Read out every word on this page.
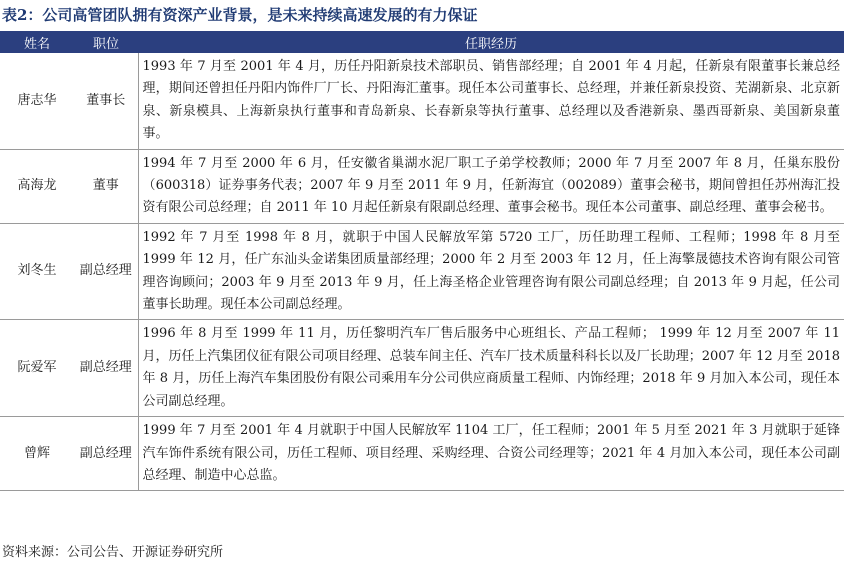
表2：公司高管团队拥有资深产业背景，是未来持续高速发展的有力保证
姓名	职位	任职经历
唐志华	董事长	1993 年 7 月至 2001 年 4 月，历任丹阳新泉技术部职员、销售部经理；自 2001 年 4 月起，任新泉有限董事长兼总经理，期间还曾担任丹阳内饰件厂厂长、丹阳海汇董事。现任本公司董事长、总经理，并兼任新泉投资、芜湖新泉、北京新泉、新泉模具、上海新泉执行董事和青岛新泉、长春新泉等执行董事、总经理以及香港新泉、墨西哥新泉、美国新泉董事。
高海龙	董事	1994 年 7 月至 2000 年 6 月，任安徽省巢湖水泥厂职工子弟学校教师；2000 年 7 月至 2007 年 8 月，任巢东股份（600318）证券事务代表；2007 年 9 月至 2011 年 9 月，任新海宜（002089）董事会秘书，期间曾担任苏州海汇投资有限公司总经理；自 2011 年 10 月起任新泉有限副总经理、董事会秘书。现任本公司董事、副总经理、董事会秘书。
刘冬生	副总经理	1992 年 7 月至 1998 年 8 月，就职于中国人民解放军第 5720 工厂，历任助理工程师、工程师；1998 年 8 月至 1999 年 12 月，任广东汕头金诺集团质量部经理；2000 年 2 月至 2003 年 12 月，任上海擎晟德技术咨询有限公司管理咨询顾问；2003 年 9 月至 2013 年 9 月，任上海圣格企业管理咨询有限公司副总经理；自 2013 年 9 月起，任公司董事长助理。现任本公司副总经理。
阮爱军	副总经理	1996 年 8 月至 1999 年 11 月，历任黎明汽车厂售后服务中心班组长、产品工程师； 1999 年 12 月至 2007 年 11 月，历任上汽集团仪征有限公司项目经理、总装车间主任、汽车厂技术质量科科长以及厂长助理；2007 年 12 月至 2018 年 8 月，历任上海汽车集团股份有限公司乘用车分公司供应商质量工程师、内饰经理；2018 年 9 月加入本公司，现任本公司副总经理。
曾辉	副总经理	1999 年 7 月至 2001 年 4 月就职于中国人民解放军 1104 工厂，任工程师；2001 年 5 月至 2021 年 3 月就职于延锋汽车饰件系统有限公司，历任工程师、项目经理、采购经理、合资公司经理等；2021 年 4 月加入本公司，现任本公司副总经理、制造中心总监。
资料来源：公司公告、开源证券研究所
